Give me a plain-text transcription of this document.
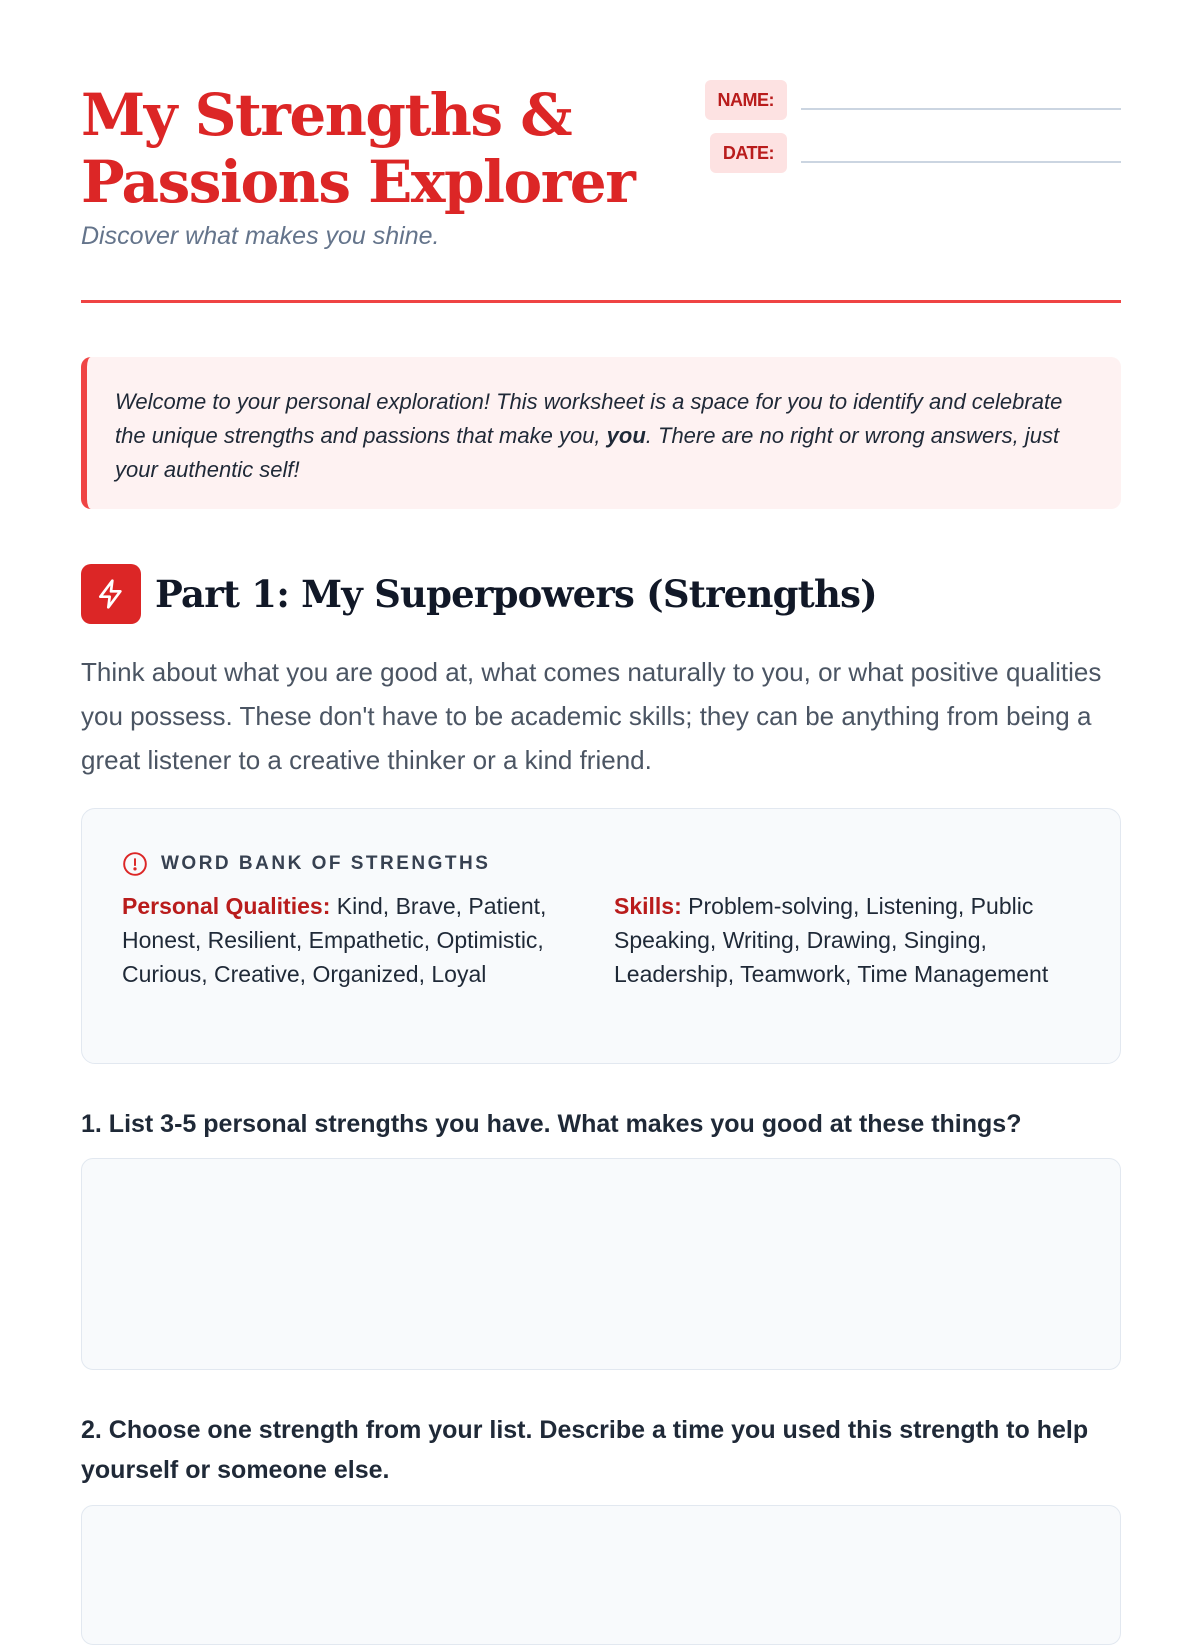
My Strengths &
Passions Explorer
Discover what makes you shine.
NAME:
DATE:
Welcome to your personal exploration! This worksheet is a space for you to identify and celebrate the unique strengths and passions that make you, you. There are no right or wrong answers, just your authentic self!
Part 1: My Superpowers (Strengths)
Think about what you are good at, what comes naturally to you, or what positive qualities you possess. These don't have to be academic skills; they can be anything from being a great listener to a creative thinker or a kind friend.
WORD BANK OF STRENGTHS
Personal Qualities: Kind, Brave, Patient, Honest, Resilient, Empathetic, Optimistic, Curious, Creative, Organized, Loyal
Skills: Problem-solving, Listening, Public Speaking, Writing, Drawing, Singing, Leadership, Teamwork, Time Management
1. List 3-5 personal strengths you have. What makes you good at these things?
2. Choose one strength from your list. Describe a time you used this strength to help yourself or someone else.
